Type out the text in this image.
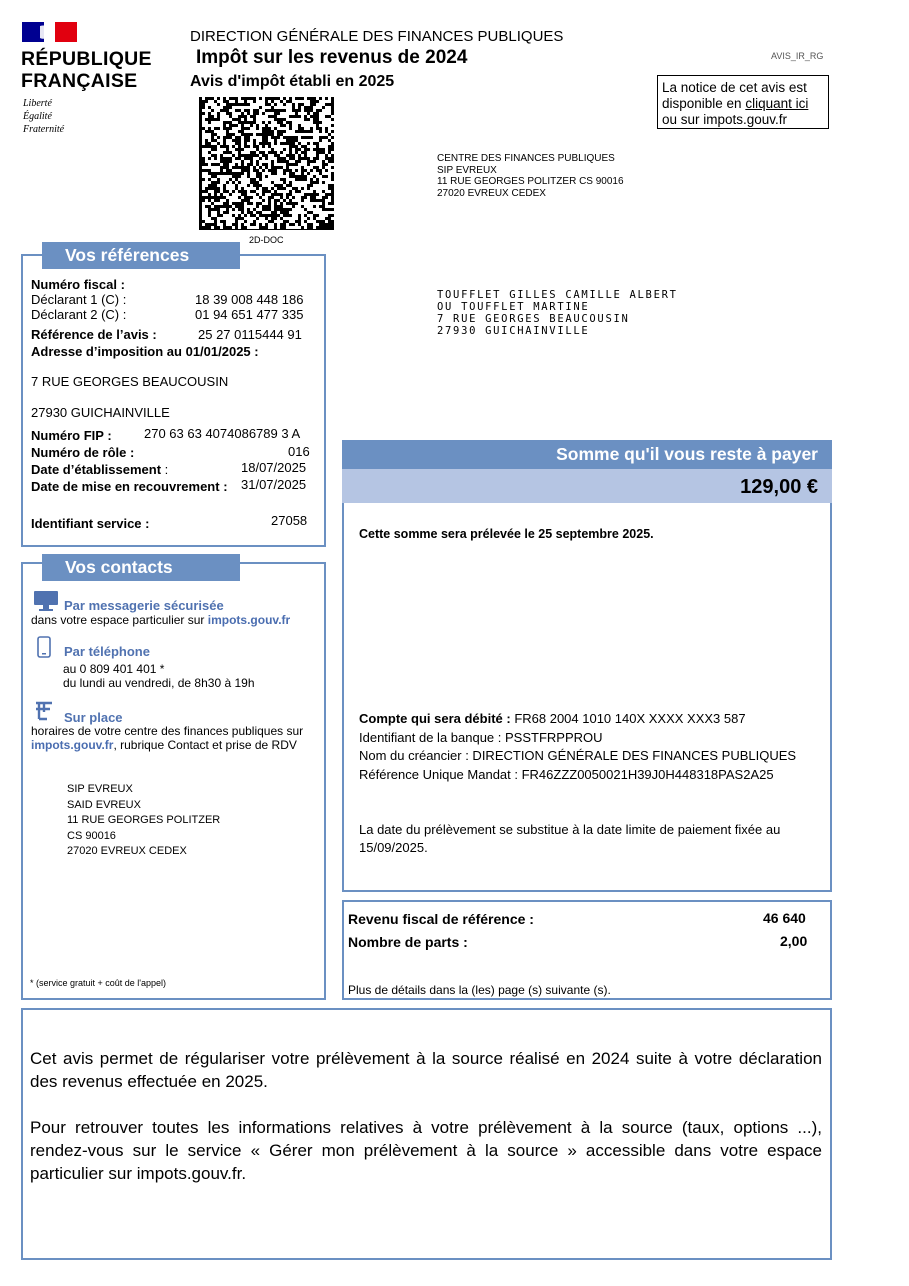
RÉPUBLIQUE
FRANÇAISE
Liberté
Égalité
Fraternité
DIRECTION GÉNÉRALE DES FINANCES PUBLIQUES
Impôt sur les revenus de 2024
Avis d'impôt établi en 2025
AVIS_IR_RG
La notice de cet avis est
disponible en cliquant ici
ou sur impots.gouv.fr
2D-DOC
CENTRE DES FINANCES PUBLIQUES
SIP EVREUX
11 RUE GEORGES POLITZER CS 90016
27020 EVREUX CEDEX
TOUFFLET GILLES CAMILLE ALBERT
OU TOUFFLET MARTINE
7 RUE GEORGES BEAUCOUSIN
27930 GUICHAINVILLE
Vos références
Numéro fiscal :
Déclarant 1 (C) :	18 39 008 448 186
Déclarant 2 (C) :	01 94 651 477 335
Référence de l’avis :	25 27 0115444 91
Adresse d’imposition au 01/01/2025 :
7 RUE GEORGES BEAUCOUSIN
27930 GUICHAINVILLE
Numéro FIP : 270 63 63 4074086789 3 A
Numéro de rôle :	016
Date d’établissement :	18/07/2025
Date de mise en recouvrement : 31/07/2025
Identifiant service :	27058
Vos contacts
Par messagerie sécurisée
dans votre espace particulier sur impots.gouv.fr
Par téléphone
au 0 809 401 401 *
du lundi au vendredi, de 8h30 à 19h
Sur place
horaires de votre centre des finances publiques sur
impots.gouv.fr, rubrique Contact et prise de RDV
SIP EVREUX
SAID EVREUX
11 RUE GEORGES POLITZER
CS 90016
27020 EVREUX CEDEX
* (service gratuit + coût de l'appel)
Somme qu'il vous reste à payer
129,00 €
Cette somme sera prélevée le 25 septembre 2025.
Compte qui sera débité : FR68 2004 1010 140X XXXX XXX3 587
Identifiant de la banque : PSSTFRPPROU
Nom du créancier : DIRECTION GÉNÉRALE DES FINANCES PUBLIQUES
Référence Unique Mandat : FR46ZZZ0050021H39J0H448318PAS2A25
La date du prélèvement se substitue à la date limite de paiement fixée au
15/09/2025.
Revenu fiscal de référence :	46 640
Nombre de parts :	2,00
Plus de détails dans la (les) page (s) suivante (s).
Cet avis permet de régulariser votre prélèvement à la source réalisé en 2024 suite à votre déclaration des revenus effectuée en 2025.
Pour retrouver toutes les informations relatives à votre prélèvement à la source (taux, options ...), rendez-vous sur le service « Gérer mon prélèvement à la source » accessible dans votre espace particulier sur impots.gouv.fr.
